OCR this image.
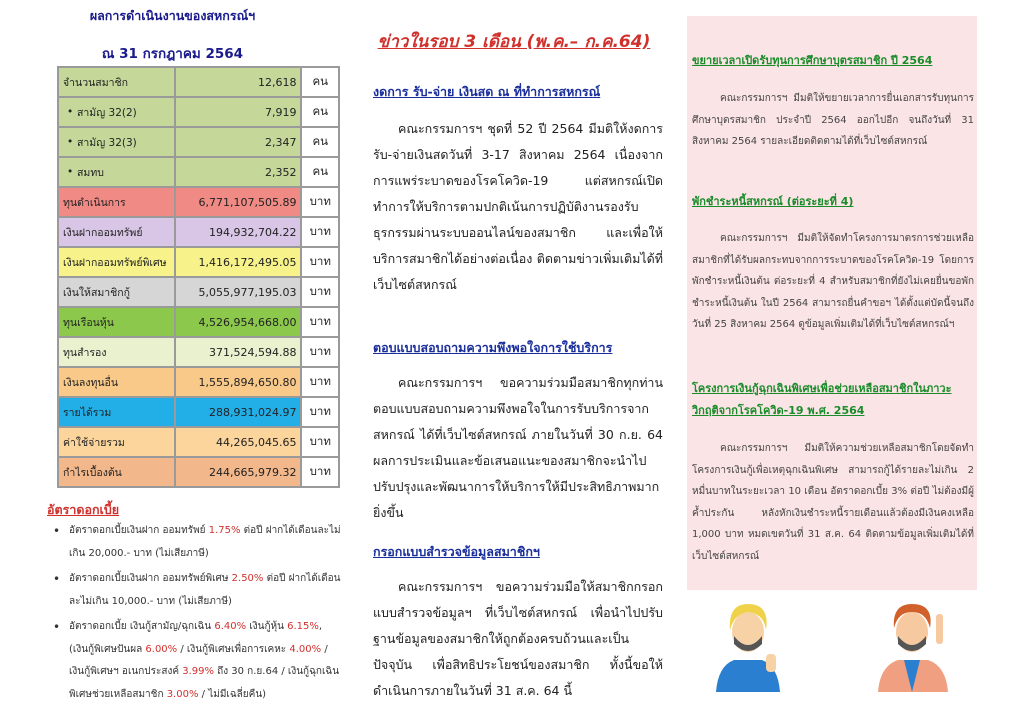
ผลการดำเนินงานของสหกรณ์ฯ
ณ 31 กรกฎาคม 2564
จำนวนสมาชิก	12,618	คน
• สามัญ 32(2)	7,919	คน
• สามัญ 32(3)	2,347	คน
• สมทบ	2,352	คน
ทุนดำเนินการ	6,771,107,505.89	บาท
เงินฝากออมทรัพย์	194,932,704.22	บาท
เงินฝากออมทรัพย์พิเศษ	1,416,172,495.05	บาท
เงินให้สมาชิกกู้	5,055,977,195.03	บาท
ทุนเรือนหุ้น	4,526,954,668.00	บาท
ทุนสำรอง	371,524,594.88	บาท
เงินลงทุนอื่น	1,555,894,650.80	บาท
รายได้รวม	288,931,024.97	บาท
ค่าใช้จ่ายรวม	44,265,045.65	บาท
กำไรเบื้องต้น	244,665,979.32	บาท
อัตราดอกเบี้ย
• อัตราดอกเบี้ยเงินฝาก ออมทรัพย์ 1.75% ต่อปี ฝากได้เดือนละไม่เกิน 20,000.- บาท (ไม่เสียภาษี)
• อัตราดอกเบี้ยเงินฝาก ออมทรัพย์พิเศษ 2.50% ต่อปี ฝากได้เดือนละไม่เกิน 10,000.- บาท (ไม่เสียภาษี)
• อัตราดอกเบี้ย เงินกู้สามัญ/ฉุกเฉิน 6.40% เงินกู้หุ้น 6.15%, (เงินกู้พิเศษปันผล 6.00% / เงินกู้พิเศษเพื่อการเคหะ 4.00% / เงินกู้พิเศษฯ อเนกประสงค์ 3.99% ถึง 30 ก.ย.64 / เงินกู้ฉุกเฉินพิเศษช่วยเหลือสมาชิก 3.00% / ไม่มีเฉลี่ยคืน)
ข่าวในรอบ 3 เดือน (พ.ค.– ก.ค.64)
งดการ รับ-จ่าย เงินสด ณ ที่ทำการสหกรณ์

คณะกรรมการฯ ชุดที่ 52 ปี 2564 มีมติให้งดการรับ-จ่ายเงินสดวันที่ 3-17 สิงหาคม 2564 เนื่องจากการแพร่ระบาดของโรคโควิด-19 แต่สหกรณ์เปิดทำการให้บริการตามปกติเน้นการปฏิบัติงานรองรับธุรกรรมผ่านระบบออนไลน์ของสมาชิก และเพื่อให้บริการสมาชิกได้อย่างต่อเนื่อง ติดตามข่าวเพิ่มเติมได้ที่เว็บไซต์สหกรณ์

ตอบแบบสอบถามความพึงพอใจการใช้บริการ

คณะกรรมการฯ ขอความร่วมมือสมาชิกทุกท่าน ตอบแบบสอบถามความพึงพอใจในการรับบริการจากสหกรณ์ ได้ที่เว็บไซต์สหกรณ์ ภายในวันที่ 30 ก.ย. 64 ผลการประเมินและข้อเสนอแนะของสมาชิกจะนำไปปรับปรุงและพัฒนาการให้บริการให้มีประสิทธิภาพมากยิ่งขึ้น

กรอกแบบสำรวจข้อมูลสมาชิกฯ

คณะกรรมการฯ ขอความร่วมมือให้สมาชิกกรอกแบบสำรวจข้อมูลฯ ที่เว็บไซต์สหกรณ์ เพื่อนำไปปรับฐานข้อมูลของสมาชิกให้ถูกต้องครบถ้วนและเป็นปัจจุบัน เพื่อสิทธิประโยชน์ของสมาชิก ทั้งนี้ขอให้ดำเนินการภายในวันที่ 31 ส.ค. 64 นี้

ขยายเวลาเปิดรับทุนการศึกษาบุตรสมาชิก ปี 2564
คณะกรรมการฯ มีมติให้ขยายเวลาการยื่นเอกสารรับทุนการศึกษาบุตรสมาชิก ประจำปี 2564 ออกไปอีก จนถึงวันที่ 31 สิงหาคม 2564 รายละเอียดติดตามได้ที่เว็บไซต์สหกรณ์
พักชำระหนี้สหกรณ์ (ต่อระยะที่ 4)
คณะกรรมการฯ มีมติให้จัดทำโครงการมาตรการช่วยเหลือสมาชิกที่ได้รับผลกระทบจากการระบาดของโรคโควิด-19 โดยการพักชำระหนี้เงินต้น ต่อระยะที่ 4 สำหรับสมาชิกที่ยังไม่เคยยื่นขอพักชำระหนี้เงินต้น ในปี 2564 สามารถยื่นคำขอฯ ได้ตั้งแต่บัดนี้จนถึงวันที่ 25 สิงหาคม 2564 ดูข้อมูลเพิ่มเติมได้ที่เว็บไซต์สหกรณ์ฯ
โครงการเงินกู้ฉุกเฉินพิเศษเพื่อช่วยเหลือสมาชิกในภาวะวิกฤติจากโรคโควิด-19 พ.ศ. 2564
คณะกรรมการฯ มีมติให้ความช่วยเหลือสมาชิกโดยจัดทำโครงการเงินกู้เพื่อเหตุฉุกเฉินพิเศษ สามารถกู้ได้รายละไม่เกิน 2 หมื่นบาทในระยะเวลา 10 เดือน อัตราดอกเบี้ย 3% ต่อปี ไม่ต้องมีผู้ค้ำประกัน หลังหักเงินชำระหนี้รายเดือนแล้วต้องมีเงินคงเหลือ 1,000 บาท หมดเขตวันที่ 31 ส.ค. 64 ติดตามข้อมูลเพิ่มเติมได้ที่ เว็บไซต์สหกรณ์
